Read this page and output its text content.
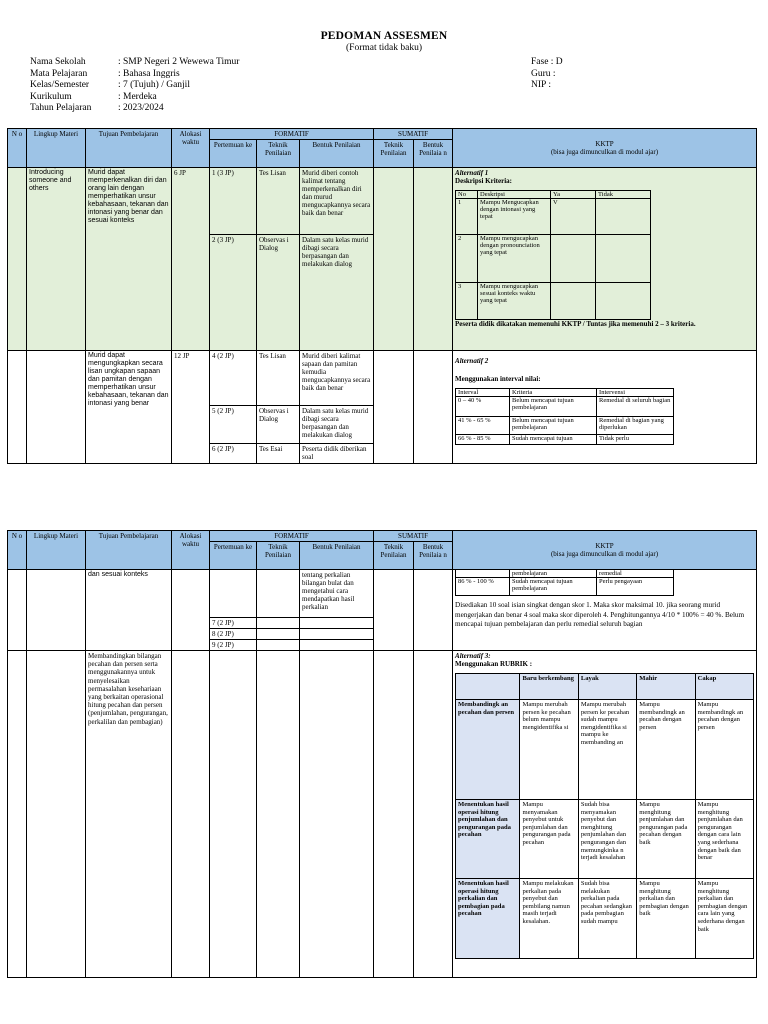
PEDOMAN ASSESMEN
(Format tidak baku)
Nama Sekolah	: SMP Negeri 2 Wewewa Timur
Mata Pelajaran	: Bahasa Inggris
Kelas/Semester	: 7 (Tujuh) / Ganjil
Kurikulum	: Merdeka
Tahun Pelajaran	: 2023/2024
Fase : D
Guru :
NIP :
N o	Lingkup Materi	Tujuan Pembelajaran	Alokasi waktu	FORMATIF	SUMATIF	
KKTP
(bisa juga dimunculkan di modul ajar)

Pertemuan ke	Teknik Penilaian	Bentuk Penilaian	Teknik Penilaian	Bentuk Penilaia n
	Introducing someone and others	Murid dapat memperkenalkan diri dan orang lain dengan memperhatikan unsur kebahasaan, tekanan dan intonasi yang benar dan sesuai konteks	6 JP	1 (3 JP)	Tes Lisan	Murid diberi contoh kalimat tentang memperkenalkan diri dan murud mengucapkannya secara baik dan benar			
Alternatif 1
Deskripsi Kriteria:
No	Deskripsi	Ya	Tidak
1	Mampu Mengucapkan dengan intonasi yang tepat	V	
2	Mampu mengucapkan dengan pronounciation yang tepat		
3	Mampu mengucapkan sesuai konteks waktu yang tepat		
Peserta didik dikatakan memenuhi KKTP / Tuntas jika memenuhi 2 – 3 kriteria.

2 (3 JP)	Observas i Dialog	Dalam satu kelas murid dibagi secara berpasangan dan melakukan dialog
		Murid dapat mengungkapkan secara lisan ungkapan sapaan dan pamitan dengan memperhatikan unsur kebahasaan, tekanan dan intonasi yang benar	12 JP	4 (2 JP)	Tes Lisan	Murid diberi kalimat sapaan dan pamitan kemudia mengucapkannya secara baik dan benar			
Alternatif 2
Menggunakan interval nilai:
Interval	Kriteria	Intervensi
0 – 40 %	Belum mencapai tujuan pembelajaran	Remedial di seluruh bagian
41 % - 65 %	Belum mencapai tujuan pembelajaran	Remedial di bagian yang diperlukan
66 % - 85 %	Sudah mencapai tujuan	Tidak perlu

5 (2 JP)	Observas i Dialog	Dalam satu kelas murid dibagi secara berpasangan dan melakukan dialog
6 (2 JP)	Tes Esai	Peserta didik diberikan soal
N o	Lingkup Materi	Tujuan Pembelajaran	Alokasi waktu	FORMATIF	SUMATIF	
KKTP
(bisa juga dimunculkan di modul ajar)

Pertemuan ke	Teknik Penilaian	Bentuk Penilaian	Teknik Penilaian	Bentuk Penilaia n
		dan sesuai konteks				tentang perkalian bilangan bulat dan mengetahui cara mendapatkan hasil perkalian			
	pembelajaran	remedial
86 % - 100 %	Sudah mencapai tujuan pembelajaran	Perlu pengayaan
Disediakan 10 soal isian singkat dengan skor 1. Maka skor maksimal 10. jika seorang murid mengerjakan dan benar 4 soal maka skor diperoleh 4. Penghitungannya 4/10 * 100% = 40 %. Belum mencapai tujuan pembelajaran dan perlu remedial seluruh bagian

7 (2 JP)		
8 (2 JP)		
9 (2 JP)		
		Membandingkan bilangan pecahan dan persen serta menggunakannya untuk menyelesaikan permasalahan kesehariaan yang berkaitan operasional hitung pecahan dan persen (penjumlahan, pengurangan, perkalilan dan pembagian)							
Alternatif 3:
Menggunakan RUBRIK :
	Baru berkembang	Layak	Mahir	Cakap
Membandingk an pecahan dan persen	Mampu merubah persen ke pecahan belum mampu mengidentifika si	Mampu merubah persen ke pecahan sudah mampu mengidentifika si mampu ke membanding an	Mampu membandingk an pecahan dengan persen	Mampu membandingk an pecahan dengan persen
Menentukan hasil operasi hitung penjumlahan dan pengurangan pada pecahan	Mampu menyamakan penyebut untuk penjumlahan dan pengurangan pada pecahan	Sudah bisa menyamakan penyebut dan menghitung penjumlahan dan pengurangan dan memungkinka n terjadi kesalahan	Mampu menghitung penjumlahan dan pengurangan pada pecahan dengan baik	Mampu menghitung penjumlahan dan pengurangan dengan cara lain yang sederhana dengan baik dan benar
Menentukan hasil operasi hitung perkalian dan pembagian pada pecahan	Mampu melakukan perkalian pada penyebut dan pembilang namun masih terjadi kesalahan.	Sudah bisa melakukan perkalian pada pecahan sedangkan pada pembagian sudah mampu	Mampu menghitung perkalian dan pembagian dengan baik	Mampu menghitung perkalian dan pembagian dengan cara lain yang sederhana dengan baik
